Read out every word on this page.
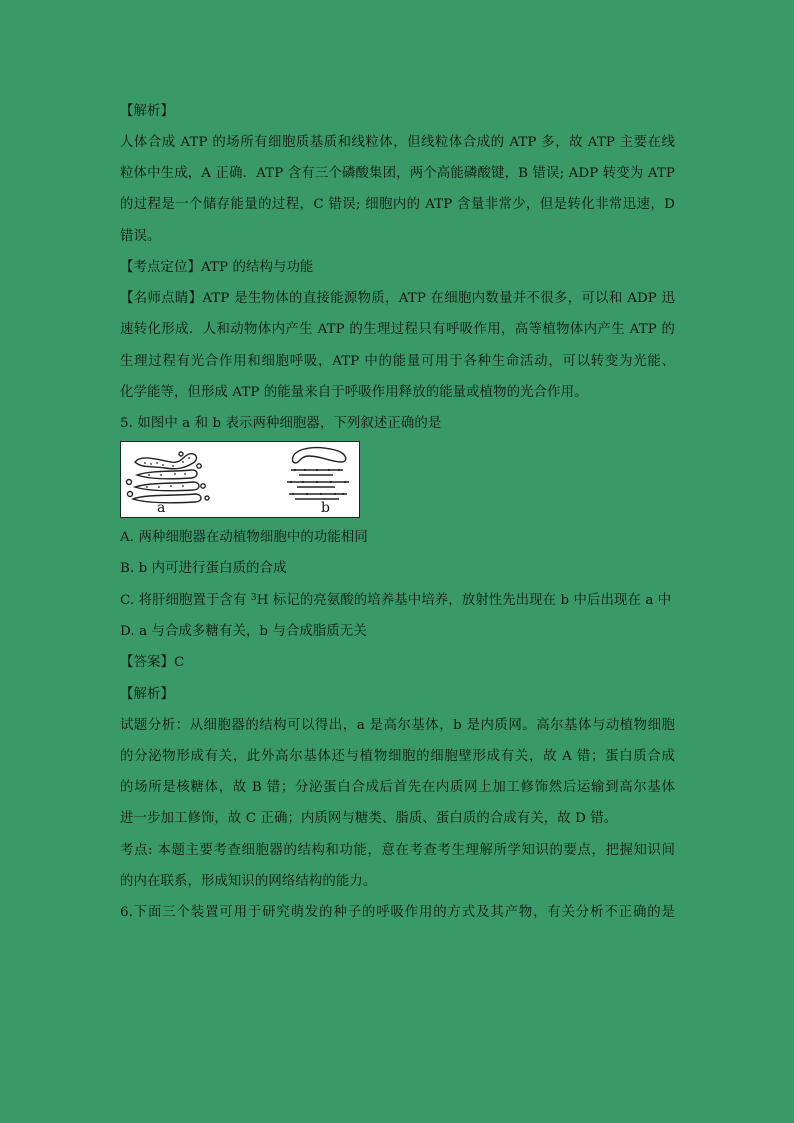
【解析】
人体合成 ATP 的场所有细胞质基质和线粒体，但线粒体合成的 ATP 多，故 ATP 主要在线
粒体中生成，A 正确．ATP 含有三个磷酸集团，两个高能磷酸键，B 错误; ADP 转变为 ATP
的过程是一个储存能量的过程，C 错误; 细胞内的 ATP 含量非常少，但是转化非常迅速，D
错误。
【考点定位】ATP 的结构与功能
【名师点睛】ATP 是生物体的直接能源物质，ATP 在细胞内数量并不很多，可以和 ADP 迅
速转化形成．人和动物体内产生 ATP 的生理过程只有呼吸作用，高等植物体内产生 ATP 的
生理过程有光合作用和细胞呼吸，ATP 中的能量可用于各种生命活动，可以转变为光能、
化学能等，但形成 ATP 的能量来自于呼吸作用释放的能量或植物的光合作用。
5. 如图中 a 和 b 表示两种细胞器，下列叙述正确的是
a	b
A. 两种细胞器在动植物细胞中的功能相同
B. b 内可进行蛋白质的合成
C. 将肝细胞置于含有 $^3$H 标记的亮氨酸的培养基中培养，放射性先出现在 b 中后出现在 a 中
D. a 与合成多糖有关，b 与合成脂质无关
【答案】C
【解析】
试题分析：从细胞器的结构可以得出，a 是高尔基体，b 是内质网。高尔基体与动植物细胞
的分泌物形成有关，此外高尔基体还与植物细胞的细胞壁形成有关，故 A 错；蛋白质合成
的场所是核糖体，故 B 错；分泌蛋白合成后首先在内质网上加工修饰然后运输到高尔基体
进一步加工修饰，故 C 正确；内质网与糖类、脂质、蛋白质的合成有关，故 D 错。
考点: 本题主要考查细胞器的结构和功能，意在考查考生理解所学知识的要点，把握知识间
的内在联系，形成知识的网络结构的能力。
6.下面三个装置可用于研究萌发的种子的呼吸作用的方式及其产物，有关分析不正确的是
